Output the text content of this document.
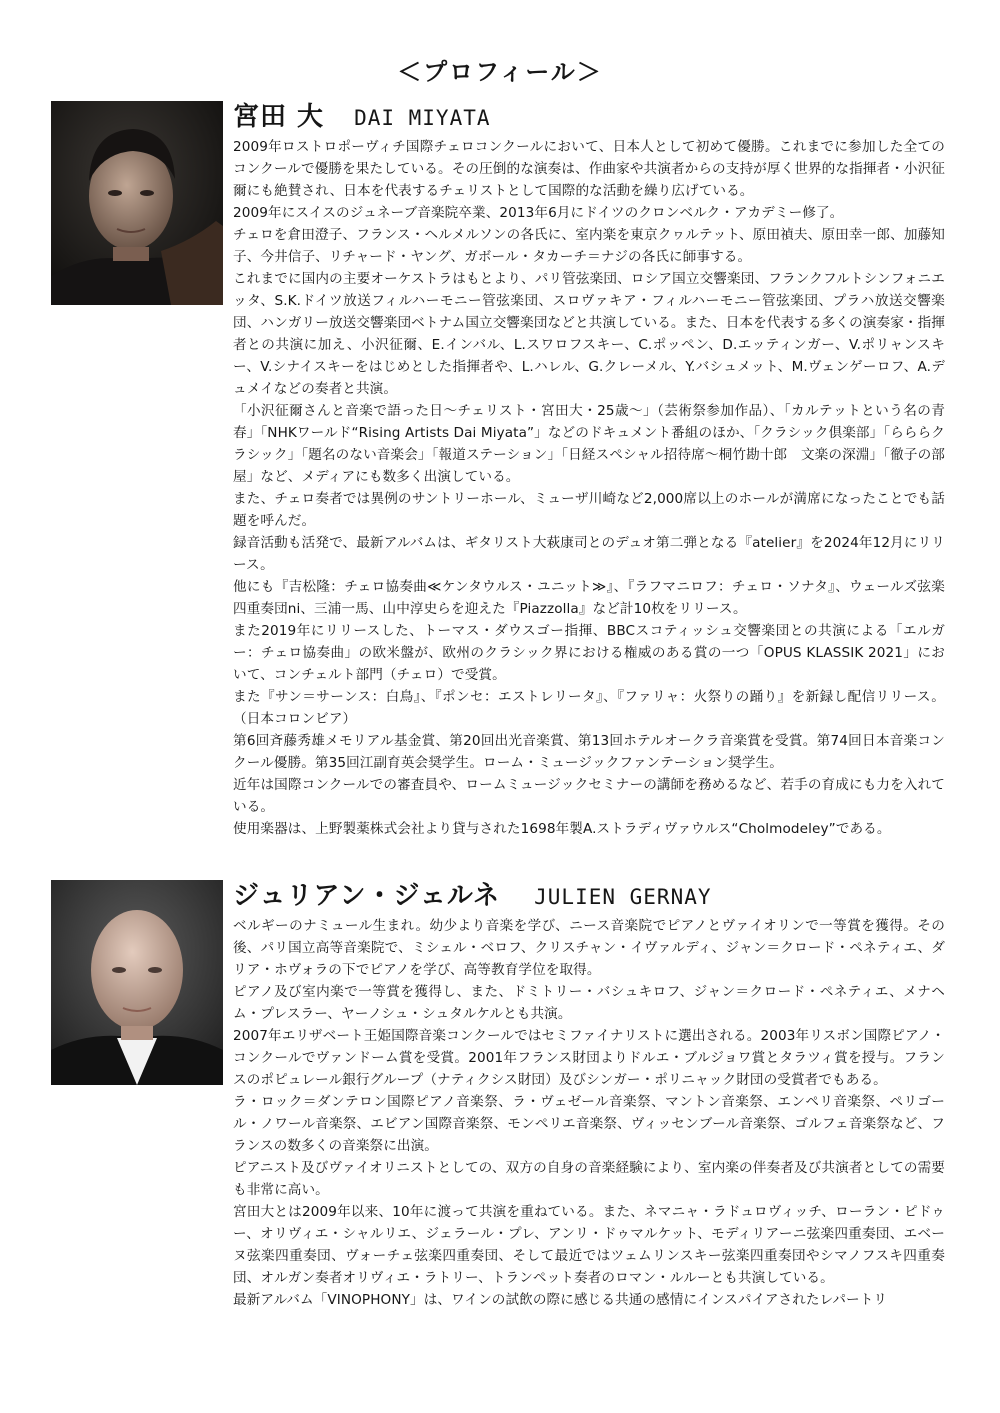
＜プロフィール＞
宮田 大 DAI MIYATA
2009年ロストロポーヴィチ国際チェロコンクールにおいて、日本人として初めて優勝。これまでに参加した全てのコンクールで優勝を果たしている。その圧倒的な演奏は、作曲家や共演者からの支持が厚く世界的な指揮者・小沢征爾にも絶賛され、日本を代表するチェリストとして国際的な活動を繰り広げている。
2009年にスイスのジュネーブ音楽院卒業、2013年6月にドイツのクロンベルク・アカデミー修了。
チェロを倉田澄子、フランス・ヘルメルソンの各氏に、室内楽を東京クヮルテット、原田禎夫、原田幸一郎、加藤知子、今井信子、リチャード・ヤング、ガボール・タカーチ＝ナジの各氏に師事する。
これまでに国内の主要オーケストラはもとより、パリ管弦楽団、ロシア国立交響楽団、フランクフルトシンフォニエッタ、S.K.ドイツ放送フィルハーモニー管弦楽団、スロヴァキア・フィルハーモニー管弦楽団、プラハ放送交響楽団、ハンガリー放送交響楽団ベトナム国立交響楽団などと共演している。また、日本を代表する多くの演奏家・指揮者との共演に加え、小沢征爾、E.インバル、L.スワロフスキー、C.ポッペン、D.エッティンガー、V.ポリャンスキー、V.シナイスキーをはじめとした指揮者や、L.ハレル、G.クレーメル、Y.バシュメット、M.ヴェンゲーロフ、A.デュメイなどの奏者と共演。
「小沢征爾さんと音楽で語った日～チェリスト・宮田大・25歳～」（芸術祭参加作品）、「カルテットという名の青春」「NHKワールド“Rising Artists Dai Miyata”」などのドキュメント番組のほか、「クラシック倶楽部」「らららクラシック」「題名のない音楽会」「報道ステーション」「日経スペシャル招待席～桐竹勘十郎　文楽の深淵」「徹子の部屋」など、メディアにも数多く出演している。
また、チェロ奏者では異例のサントリーホール、ミューザ川崎など2,000席以上のホールが満席になったことでも話題を呼んだ。
録音活動も活発で、最新アルバムは、ギタリスト大萩康司とのデュオ第二弾となる『atelier』を2024年12月にリリース。
他にも『吉松隆：チェロ協奏曲≪ケンタウルス・ユニット≫』、『ラフマニロフ：チェロ・ソナタ』、ウェールズ弦楽四重奏団ni、三浦一馬、山中淳史らを迎えた『Piazzolla』など計10枚をリリース。
また2019年にリリースした、トーマス・ダウスゴー指揮、BBCスコティッシュ交響楽団との共演による「エルガー：チェロ協奏曲」の欧米盤が、欧州のクラシック界における権威のある賞の一つ「OPUS KLASSIK 2021」において、コンチェルト部門（チェロ）で受賞。
また『サン＝サーンス：白鳥』、『ポンセ：エストレリータ』、『ファリャ：火祭りの踊り』を新録し配信リリース。（日本コロンビア）
第6回斉藤秀雄メモリアル基金賞、第20回出光音楽賞、第13回ホテルオークラ音楽賞を受賞。第74回日本音楽コンクール優勝。第35回江副育英会奨学生。ローム・ミュージックファンテーション奨学生。
近年は国際コンクールでの審査員や、ロームミュージックセミナーの講師を務めるなど、若手の育成にも力を入れている。
使用楽器は、上野製薬株式会社より貸与された1698年製A.ストラディヴァウルス“Cholmodeley”である。
ジュリアン・ジェルネ JULIEN GERNAY
ベルギーのナミュール生まれ。幼少より音楽を学び、ニース音楽院でピアノとヴァイオリンで一等賞を獲得。その後、パリ国立高等音楽院で、ミシェル・ベロフ、クリスチャン・イヴァルディ、ジャン＝クロード・ペネティエ、ダリア・ホヴォラの下でピアノを学び、高等教育学位を取得。
ピアノ及び室内楽で一等賞を獲得し、また、ドミトリー・バシュキロフ、ジャン＝クロード・ペネティエ、メナヘム・プレスラー、ヤーノシュ・シュタルケルとも共演。
2007年エリザベート王姫国際音楽コンクールではセミファイナリストに選出される。2003年リスボン国際ピアノ・コンクールでヴァンドーム賞を受賞。2001年フランス財団よりドルエ・ブルジョワ賞とタラツィ賞を授与。フランスのポピュレール銀行グループ（ナティクシス財団）及びシンガー・ポリニャック財団の受賞者でもある。
ラ・ロック＝ダンテロン国際ピアノ音楽祭、ラ・ヴェゼール音楽祭、マントン音楽祭、エンペリ音楽祭、ペリゴール・ノワール音楽祭、エビアン国際音楽祭、モンペリエ音楽祭、ヴィッセンブール音楽祭、ゴルフェ音楽祭など、フランスの数多くの音楽祭に出演。
ピアニスト及びヴァイオリニストとしての、双方の自身の音楽経験により、室内楽の伴奏者及び共演者としての需要も非常に高い。
宮田大とは2009年以来、10年に渡って共演を重ねている。また、ネマニャ・ラドュロヴィッチ、ローラン・ピドゥー、オリヴィエ・シャルリエ、ジェラール・プレ、アンリ・ドゥマルケット、モディリアーニ弦楽四重奏団、エベーヌ弦楽四重奏団、ヴォーチェ弦楽四重奏団、そして最近ではツェムリンスキー弦楽四重奏団やシマノフスキ四重奏団、オルガン奏者オリヴィエ・ラトリー、トランペット奏者のロマン・ルルーとも共演している。
最新アルバム「VINOPHONY」は、ワインの試飲の際に感じる共通の感情にインスパイアされたレパートリ
